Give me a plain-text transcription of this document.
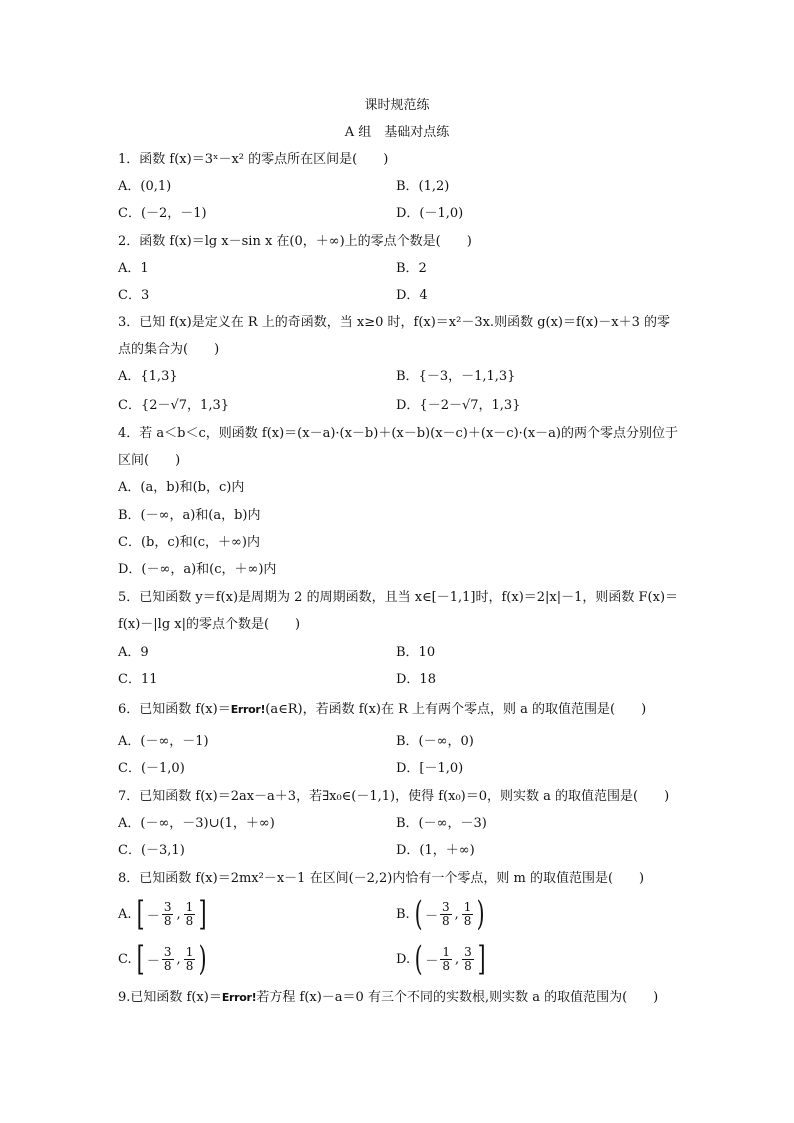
课时规范练
A 组　基础对点练
1．函数 f(x)＝3ˣ－x² 的零点所在区间是(　　)
A．(0,1)	B．(1,2)
C．(－2，－1)	D．(－1,0)
2．函数 f(x)＝lg x－sin x 在(0，＋∞)上的零点个数是(　　)
A．1	B．2
C．3	D．4
3．已知 f(x)是定义在 R 上的奇函数，当 x≥0 时，f(x)＝x²－3x.则函数 g(x)＝f(x)－x＋3 的零
点的集合为(　　)
A．{1,3}	B．{－3，－1,1,3}
C．{2－√7，1,3}	D．{－2－√7，1,3}
4．若 a＜b＜c，则函数 f(x)＝(x－a)·(x－b)＋(x－b)(x－c)＋(x－c)·(x－a)的两个零点分别位于
区间(　　)
A．(a，b)和(b，c)内
B．(－∞，a)和(a，b)内
C．(b，c)和(c，＋∞)内
D．(－∞，a)和(c，＋∞)内
5．已知函数 y＝f(x)是周期为 2 的周期函数，且当 x∈[－1,1]时，f(x)＝2|x|－1，则函数 F(x)＝
f(x)－|lg x|的零点个数是(　　)
A．9	B．10
C．11	D．18
6．已知函数 f(x)＝Error!(a∈R)，若函数 f(x)在 R 上有两个零点，则 a 的取值范围是(　　)
A．(－∞，－1)	B．(－∞，0)
C．(－1,0)	D．[－1,0)
7．已知函数 f(x)＝2ax－a＋3，若∃x₀∈(－1,1)，使得 f(x₀)＝0，则实数 a 的取值范围是(　　)
A．(－∞，－3)∪(1，＋∞)	B．(－∞，－3)
C．(－3,1)	D．(1，＋∞)
8．已知函数 f(x)＝2mx²－x－1 在区间(－2,2)内恰有一个零点，则 m 的取值范围是(　　)
A. [ － $\frac{3}{8}$ , $\frac{1}{8}$ ]	B. ( － $\frac{3}{8}$ , $\frac{1}{8}$ )
C. [ － $\frac{3}{8}$ , $\frac{1}{8}$ )	D. ( － $\frac{1}{8}$ , $\frac{3}{8}$ ]
9.已知函数 f(x)＝Error!若方程 f(x)－a＝0 有三个不同的实数根,则实数 a 的取值范围为(　　)
